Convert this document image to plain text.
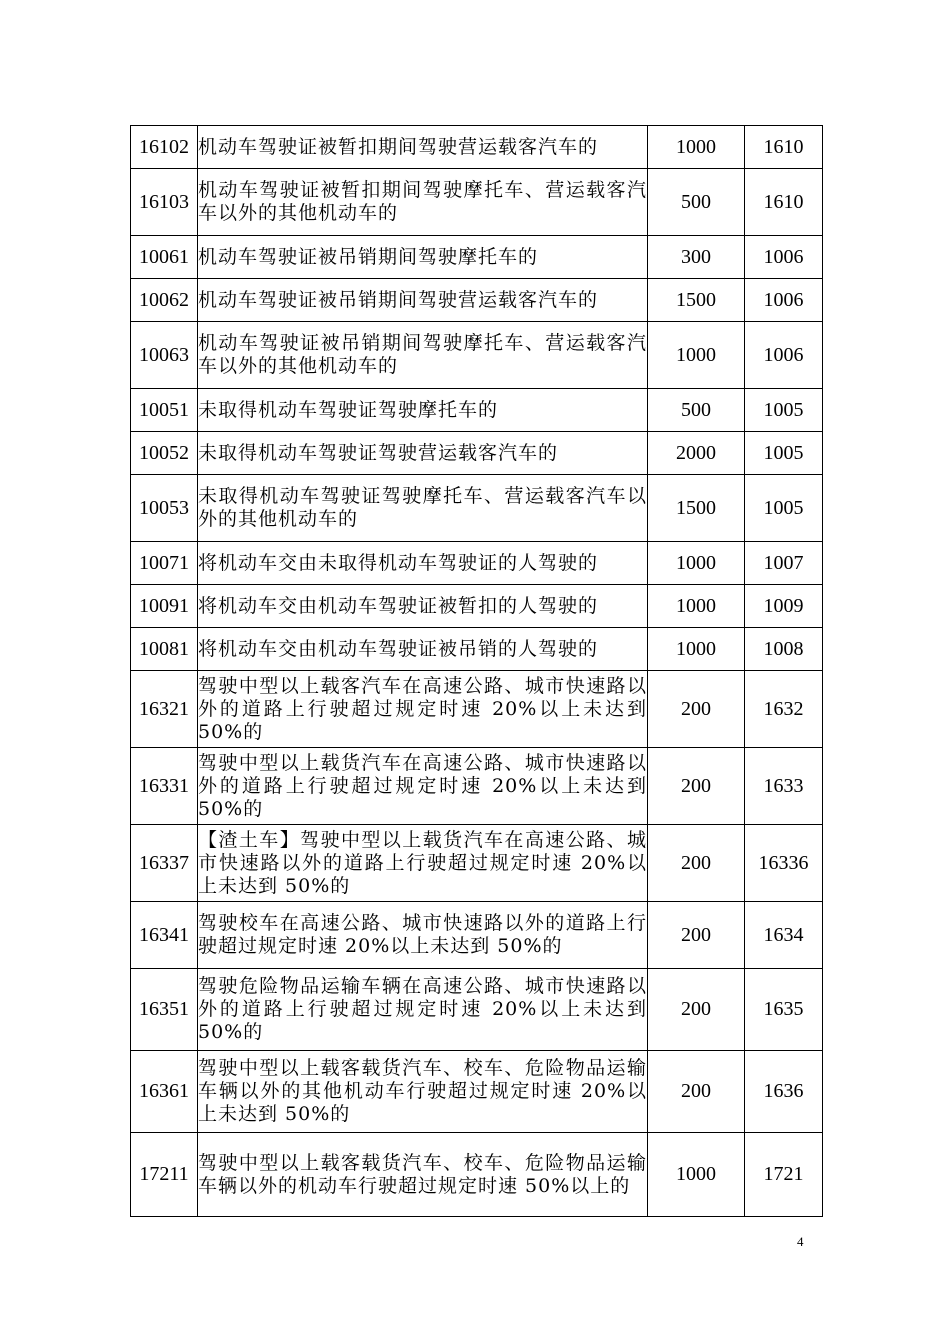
16102	机动车驾驶证被暂扣期间驾驶营运载客汽车的	1000	1610
16103	机动车驾驶证被暂扣期间驾驶摩托车、营运载客汽车以外的其他机动车的	500	1610
10061	机动车驾驶证被吊销期间驾驶摩托车的	300	1006
10062	机动车驾驶证被吊销期间驾驶营运载客汽车的	1500	1006
10063	机动车驾驶证被吊销期间驾驶摩托车、营运载客汽车以外的其他机动车的	1000	1006
10051	未取得机动车驾驶证驾驶摩托车的	500	1005
10052	未取得机动车驾驶证驾驶营运载客汽车的	2000	1005
10053	未取得机动车驾驶证驾驶摩托车、营运载客汽车以外的其他机动车的	1500	1005
10071	将机动车交由未取得机动车驾驶证的人驾驶的	1000	1007
10091	将机动车交由机动车驾驶证被暂扣的人驾驶的	1000	1009
10081	将机动车交由机动车驾驶证被吊销的人驾驶的	1000	1008
16321	驾驶中型以上载客汽车在高速公路、城市快速路以外的道路上行驶超过规定时速 20%以上未达到 50%的	200	1632
16331	驾驶中型以上载货汽车在高速公路、城市快速路以外的道路上行驶超过规定时速 20%以上未达到 50%的	200	1633
16337	【渣土车】驾驶中型以上载货汽车在高速公路、城市快速路以外的道路上行驶超过规定时速 20%以上未达到 50%的	200	16336
16341	驾驶校车在高速公路、城市快速路以外的道路上行驶超过规定时速 20%以上未达到 50%的	200	1634
16351	驾驶危险物品运输车辆在高速公路、城市快速路以外的道路上行驶超过规定时速 20%以上未达到 50%的	200	1635
16361	驾驶中型以上载客载货汽车、校车、危险物品运输车辆以外的其他机动车行驶超过规定时速 20%以上未达到 50%的	200	1636
17211	驾驶中型以上载客载货汽车、校车、危险物品运输车辆以外的机动车行驶超过规定时速 50%以上的	1000	1721
4
